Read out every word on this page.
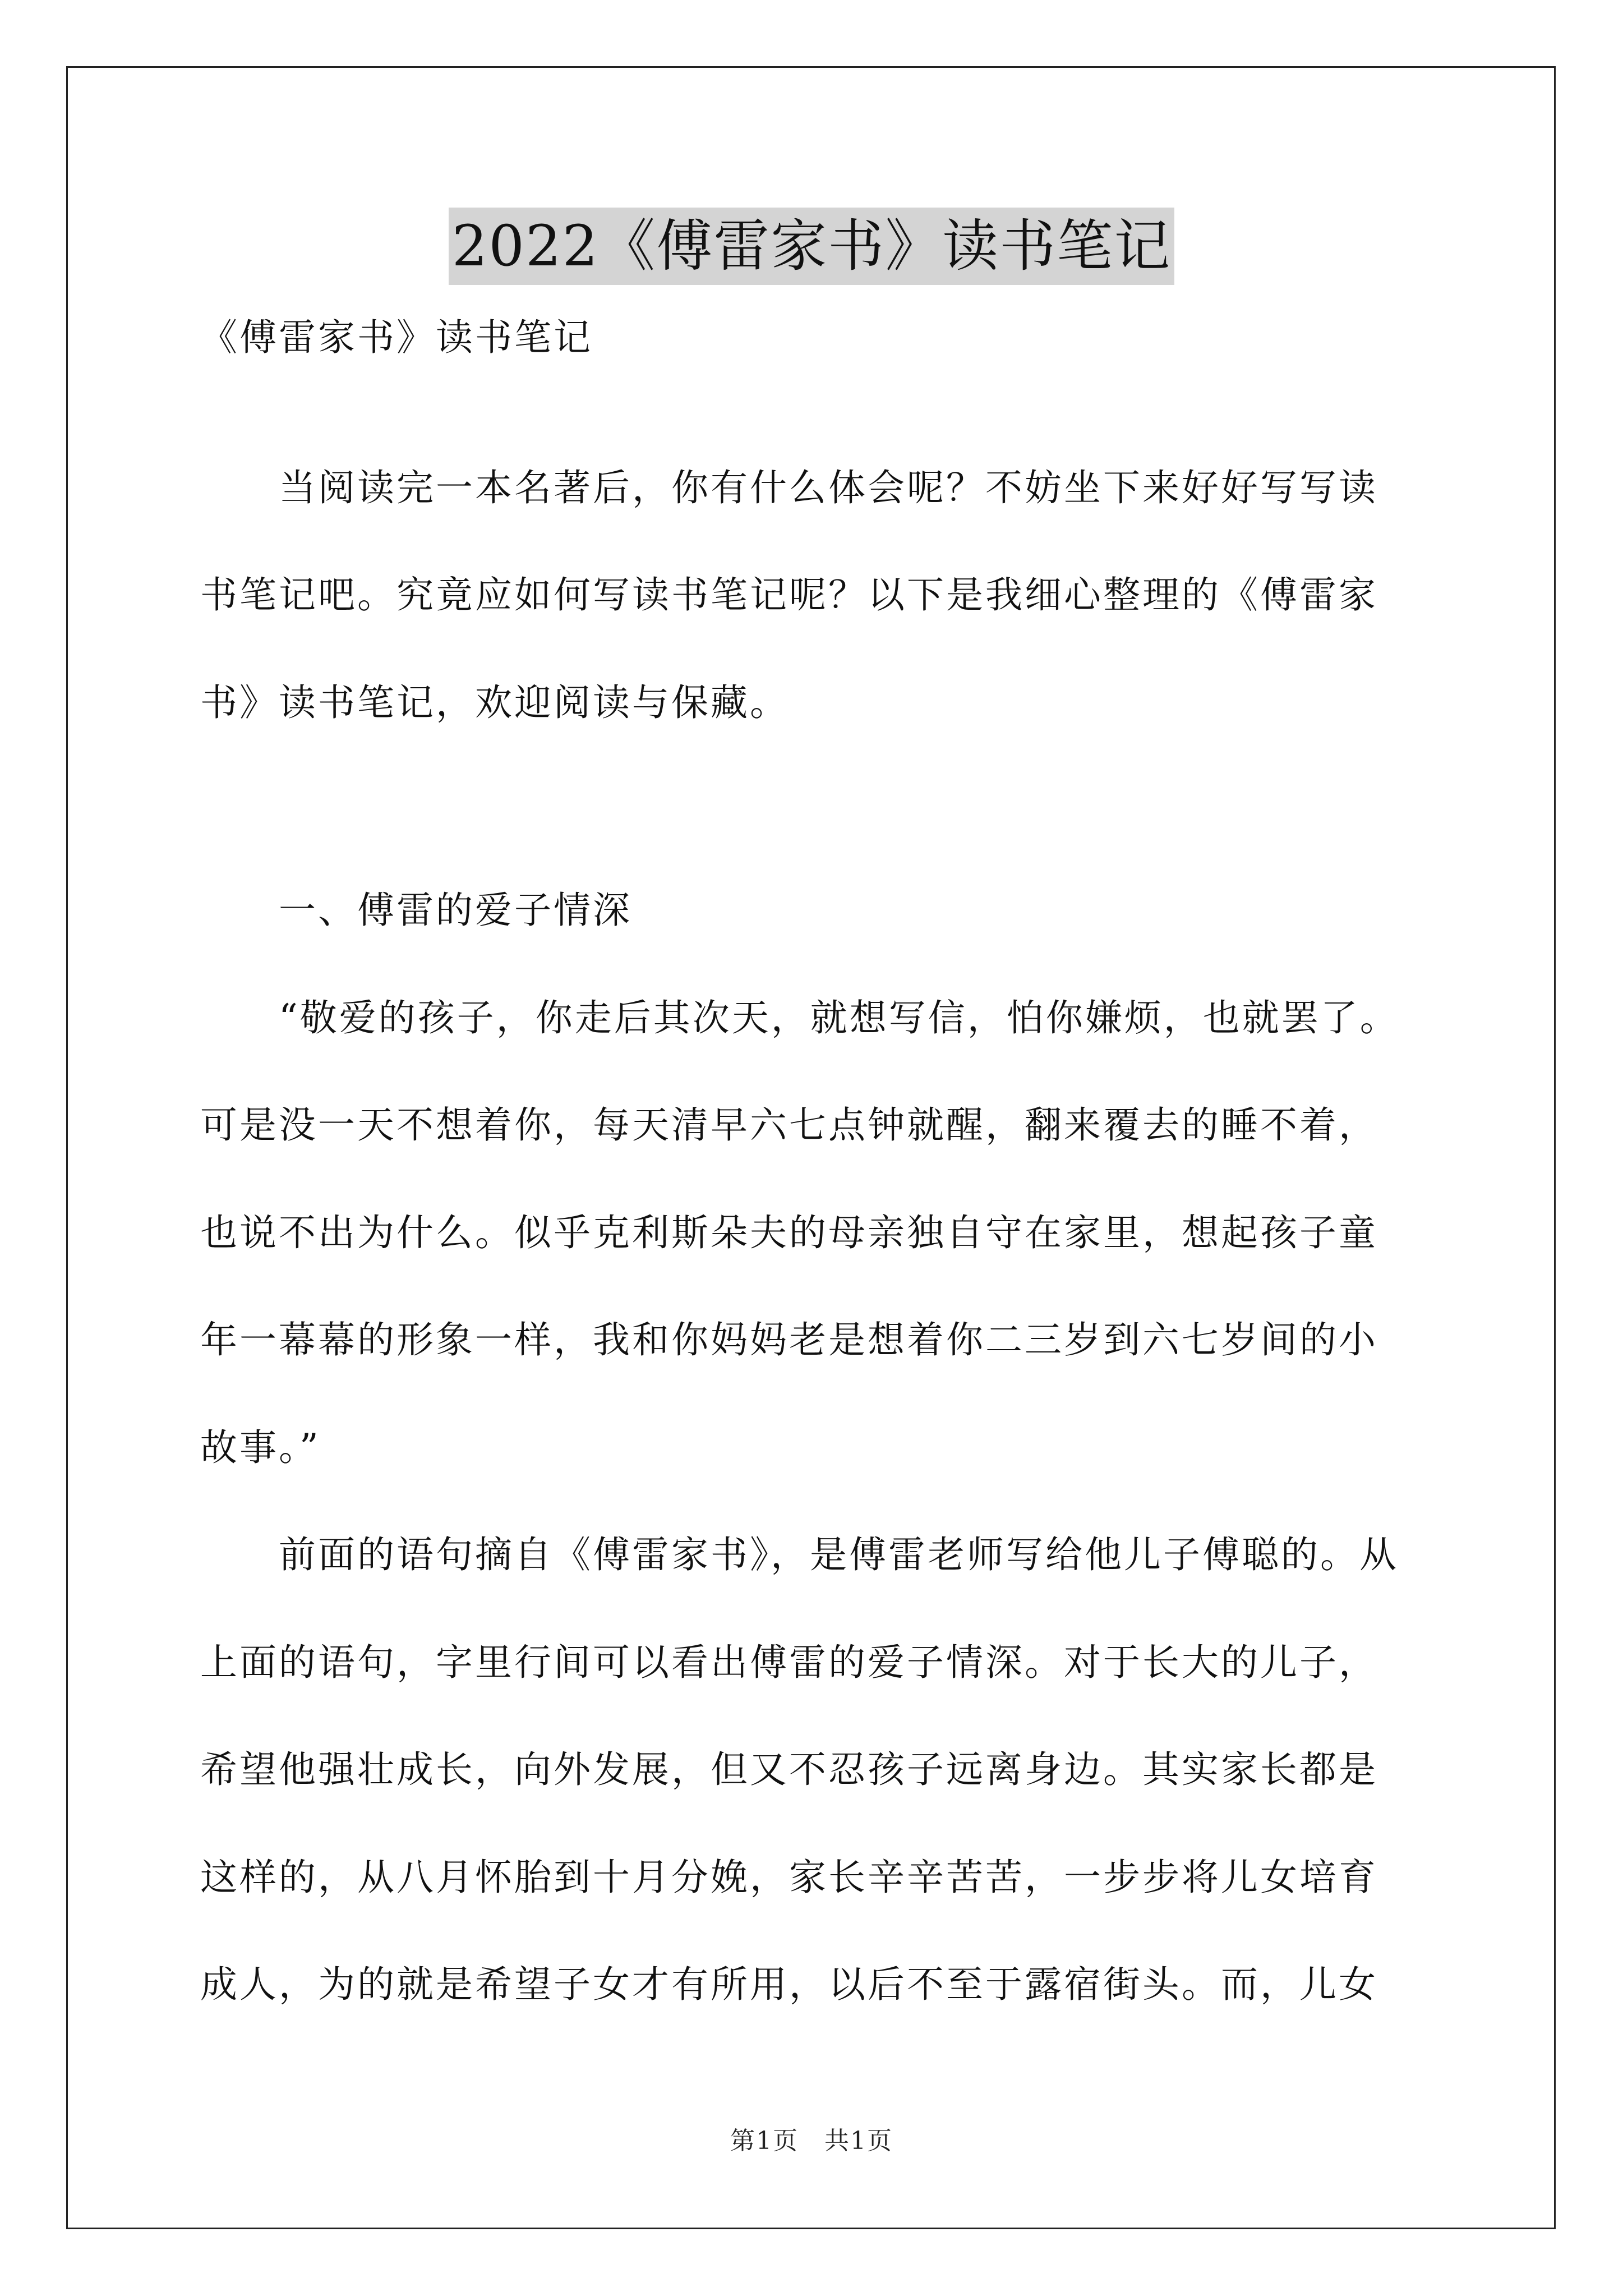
2022《傅雷家书》读书笔记
《傅雷家书》读书笔记
　　当阅读完一本名著后，你有什么体会呢？不妨坐下来好好写写读
书笔记吧。究竟应如何写读书笔记呢？以下是我细心整理的《傅雷家
书》读书笔记，欢迎阅读与保藏。
　　一、傅雷的爱子情深
　　“敬爱的孩子，你走后其次天，就想写信，怕你嫌烦，也就罢了。
可是没一天不想着你，每天清早六七点钟就醒，翻来覆去的睡不着，
也说不出为什么。似乎克利斯朵夫的母亲独自守在家里，想起孩子童
年一幕幕的形象一样，我和你妈妈老是想着你二三岁到六七岁间的小
故事。”
　　前面的语句摘自《傅雷家书》，是傅雷老师写给他儿子傅聪的。从
上面的语句，字里行间可以看出傅雷的爱子情深。对于长大的儿子，
希望他强壮成长，向外发展，但又不忍孩子远离身边。其实家长都是
这样的，从八月怀胎到十月分娩，家长辛辛苦苦，一步步将儿女培育
成人，为的就是希望子女才有所用，以后不至于露宿街头。而，儿女
第1页　共1页
